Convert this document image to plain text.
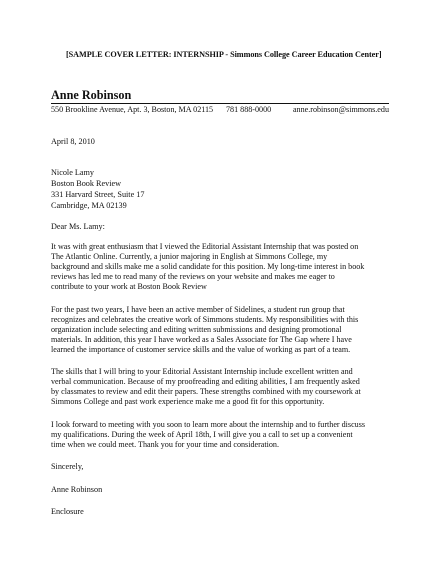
[SAMPLE COVER LETTER: INTERNSHIP - Simmons College Career Education Center]
Anne Robinson
550 Brookline Avenue, Apt. 3, Boston, MA 02115 781 888-0000	anne.robinson@simmons.edu
April 8, 2010
Nicole Lamy
Boston Book Review
331 Harvard Street, Suite 17
Cambridge, MA 02139
Dear Ms. Lamy:

It was with great enthusiasm that I viewed the Editorial Assistant Internship that was posted on

The Atlantic Online. Currently, a junior majoring in English at Simmons College, my

background and skills make me a solid candidate for this position. My long-time interest in book

reviews has led me to read many of the reviews on your website and makes me eager to

contribute to your work at Boston Book Review

For the past two years, I have been an active member of Sidelines, a student run group that

recognizes and celebrates the creative work of Simmons students. My responsibilities with this

organization include selecting and editing written submissions and designing promotional

materials. In addition, this year I have worked as a Sales Associate for The Gap where I have

learned the importance of customer service skills and the value of working as part of a team.

The skills that I will bring to your Editorial Assistant Internship include excellent written and

verbal communication. Because of my proofreading and editing abilities, I am frequently asked

by classmates to review and edit their papers. These strengths combined with my coursework at

Simmons College and past work experience make me a good fit for this opportunity.

I look forward to meeting with you soon to learn more about the internship and to further discuss

my qualifications. During the week of April 18th, I will give you a call to set up a convenient

time when we could meet. Thank you for your time and consideration.

Sincerely,
Anne Robinson
Enclosure
